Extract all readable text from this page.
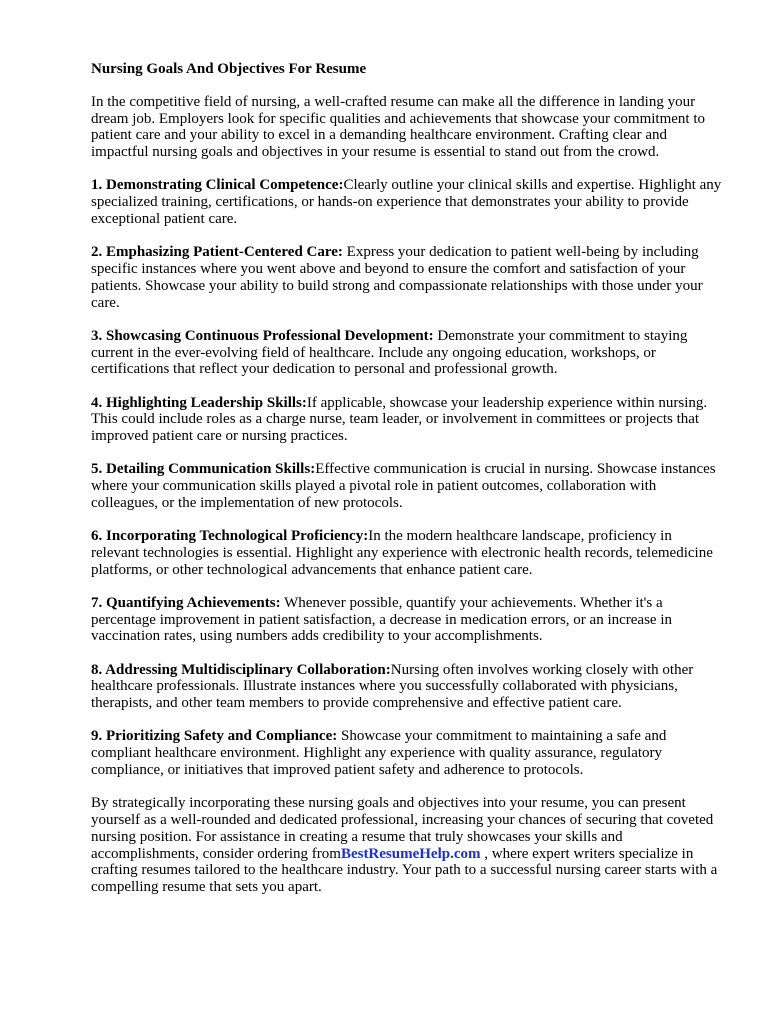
Nursing Goals And Objectives For Resume

In the competitive field of nursing, a well-crafted resume can make all the difference in landing your dream job. Employers look for specific qualities and achievements that showcase your commitment to patient care and your ability to excel in a demanding healthcare environment. Crafting clear and impactful nursing goals and objectives in your resume is essential to stand out from the crowd.

1. Demonstrating Clinical Competence:Clearly outline your clinical skills and expertise. Highlight any specialized training, certifications, or hands-on experience that demonstrates your ability to provide exceptional patient care.

2. Emphasizing Patient-Centered Care: Express your dedication to patient well-being by including specific instances where you went above and beyond to ensure the comfort and satisfaction of your patients. Showcase your ability to build strong and compassionate relationships with those under your care.

3. Showcasing Continuous Professional Development: Demonstrate your commitment to staying current in the ever-evolving field of healthcare. Include any ongoing education, workshops, or certifications that reflect your dedication to personal and professional growth.

4. Highlighting Leadership Skills:If applicable, showcase your leadership experience within nursing. This could include roles as a charge nurse, team leader, or involvement in committees or projects that improved patient care or nursing practices.

5. Detailing Communication Skills:Effective communication is crucial in nursing. Showcase instances where your communication skills played a pivotal role in patient outcomes, collaboration with colleagues, or the implementation of new protocols.

6. Incorporating Technological Proficiency:In the modern healthcare landscape, proficiency in relevant technologies is essential. Highlight any experience with electronic health records, telemedicine platforms, or other technological advancements that enhance patient care.

7. Quantifying Achievements: Whenever possible, quantify your achievements. Whether it's a percentage improvement in patient satisfaction, a decrease in medication errors, or an increase in vaccination rates, using numbers adds credibility to your accomplishments.

8. Addressing Multidisciplinary Collaboration:Nursing often involves working closely with other healthcare professionals. Illustrate instances where you successfully collaborated with physicians, therapists, and other team members to provide comprehensive and effective patient care.

9. Prioritizing Safety and Compliance: Showcase your commitment to maintaining a safe and compliant healthcare environment. Highlight any experience with quality assurance, regulatory compliance, or initiatives that improved patient safety and adherence to protocols.

By strategically incorporating these nursing goals and objectives into your resume, you can present yourself as a well-rounded and dedicated professional, increasing your chances of securing that coveted nursing position. For assistance in creating a resume that truly showcases your skills and accomplishments, consider ordering fromBestResumeHelp.com , where expert writers specialize in crafting resumes tailored to the healthcare industry. Your path to a successful nursing career starts with a compelling resume that sets you apart.
